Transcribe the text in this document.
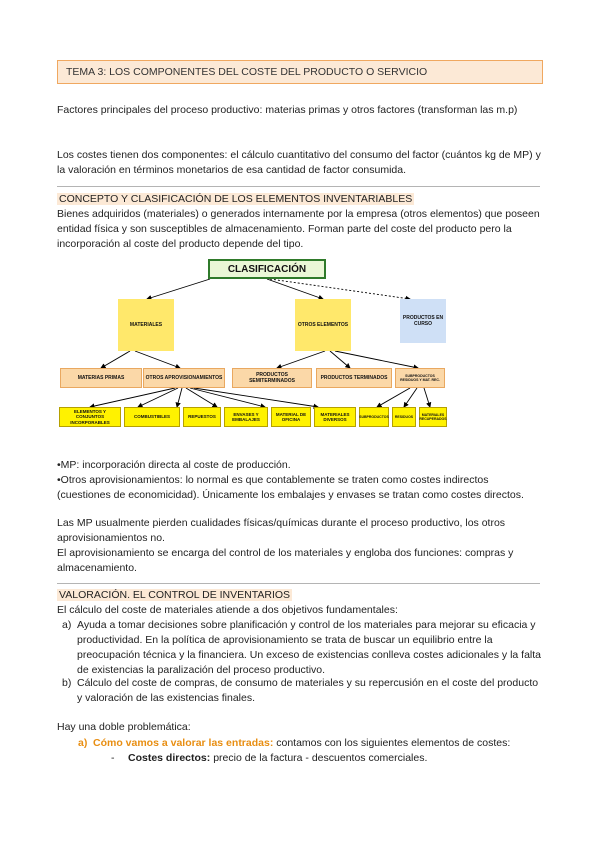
TEMA 3: LOS COMPONENTES DEL COSTE DEL PRODUCTO O SERVICIO

Factores principales del proceso productivo: materias primas y otros factores (transforman las m.p)

Los costes tienen dos componentes: el cálculo cuantitativo del consumo del factor (cuántos kg de MP) y la valoración en términos monetarios de esa cantidad de factor consumida.

CONCEPTO Y CLASIFICACIÓN DE LOS ELEMENTOS INVENTARIABLES

Bienes adquiridos (materiales) o generados internamente por la empresa (otros elementos) que poseen entidad física y son susceptibles de almacenamiento. Forman parte del coste del producto pero la incorporación al coste del producto depende del tipo.

CLASIFICACIÓN
MATERIALES	OTROS ELEMENTOS
PRODUCTOS EN CURSO
MATERIAS PRIMAS	OTROS APROVISIONAMIENTOS	PRODUCTOS SEMITERMINADOS	PRODUCTOS TERMINADOS	SUBPRODUCTOS RESIDUOS Y MAT. REC.
ELEMENTOS Y CONJUNTOS INCORPORABLES
COMBUSTIBLES	REPUESTOS
ENVASES Y EMBALAJES
MATERIAL DE OFICINA
MATERIALES DIVERSOS
SUBPRODUCTOS	RESIDUOS
MATERIALES RECUPERADOS

•MP: incorporación directa al coste de producción.

•Otros aprovisionamientos: lo normal es que contablemente se traten como costes indirectos (cuestiones de economicidad). Únicamente los embalajes y envases se tratan como costes directos.

Las MP usualmente pierden cualidades físicas/químicas durante el proceso productivo, los otros aprovisionamientos no.

El aprovisionamiento se encarga del control de los materiales y engloba dos funciones: compras y almacenamiento.

VALORACIÓN. EL CONTROL DE INVENTARIOS

El cálculo del coste de materiales atiende a dos objetivos fundamentales:

a) Ayuda a tomar decisiones sobre planificación y control de los materiales para mejorar su eficacia y productividad. En la política de aprovisionamiento se trata de buscar un equilibrio entre la preocupación técnica y la financiera. Un exceso de existencias conlleva costes adicionales y la falta de existencias la paralización del proceso productivo.

b) Cálculo del coste de compras, de consumo de materiales y su repercusión en el coste del producto y valoración de las existencias finales.

Hay una doble problemática:

a) Cómo vamos a valorar las entradas: contamos con los siguientes elementos de costes:

- Costes directos: precio de la factura - descuentos comerciales.
